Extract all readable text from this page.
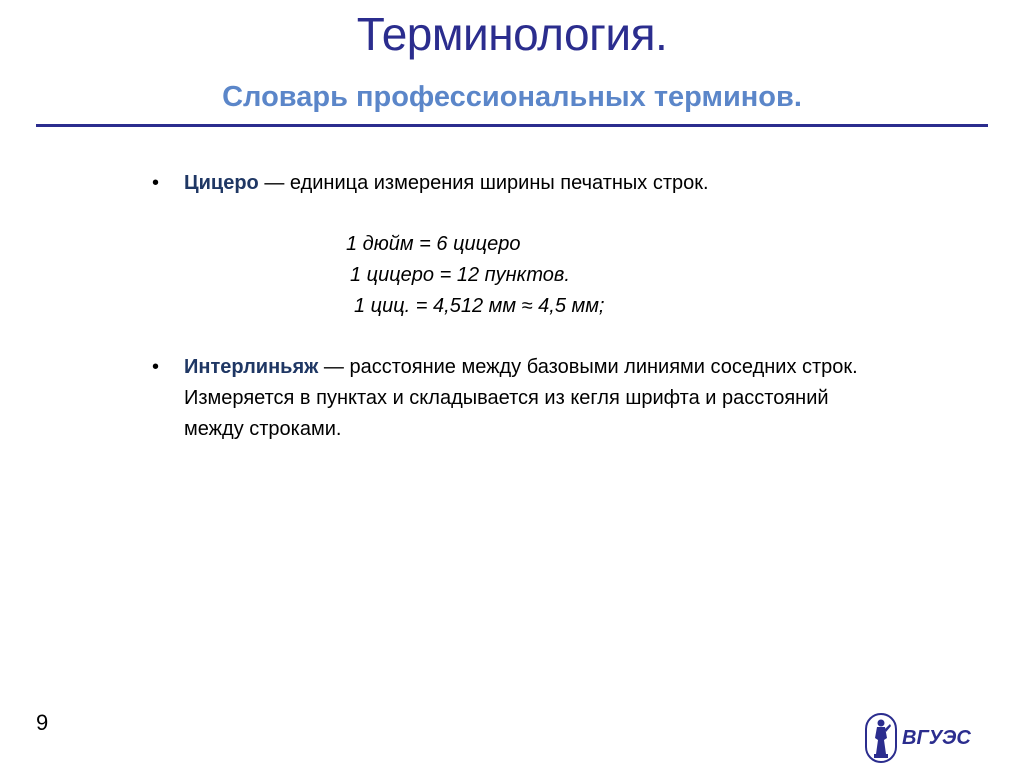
Терминология.
Словарь профессиональных терминов.
• Цицеро — единица измерения ширины печатных строк.
1 дюйм = 6 цицеро
1 цицеро = 12 пунктов.
1 циц. = 4,512 мм ≈ 4,5 мм;
• Интерлиньяж — расстояние между базовыми линиями соседних строк. Измеряется в пунктах и складывается из кегля шрифта и расстояний между строками.
9
ВГУЭС
